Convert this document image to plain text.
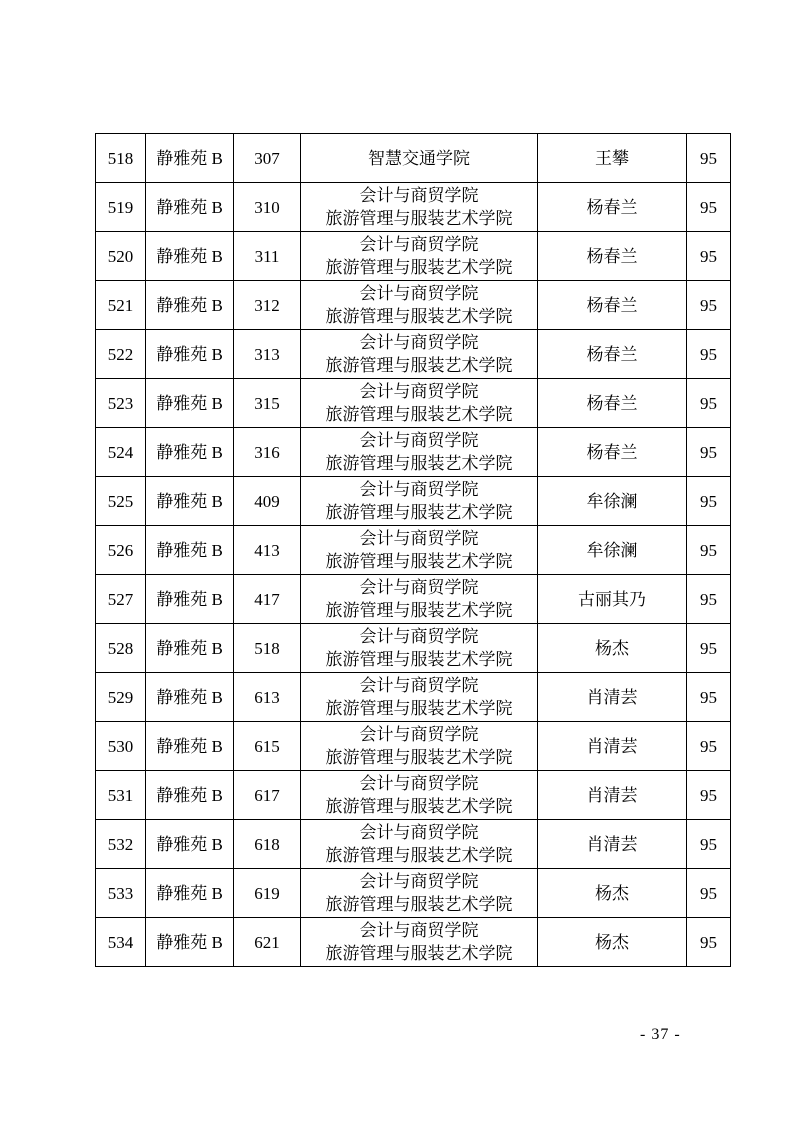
518	静雅苑 B	307	智慧交通学院	王攀	95
519	静雅苑 B	310	会计与商贸学院
旅游管理与服装艺术学院	杨春兰	95
520	静雅苑 B	311	会计与商贸学院
旅游管理与服装艺术学院	杨春兰	95
521	静雅苑 B	312	会计与商贸学院
旅游管理与服装艺术学院	杨春兰	95
522	静雅苑 B	313	会计与商贸学院
旅游管理与服装艺术学院	杨春兰	95
523	静雅苑 B	315	会计与商贸学院
旅游管理与服装艺术学院	杨春兰	95
524	静雅苑 B	316	会计与商贸学院
旅游管理与服装艺术学院	杨春兰	95
525	静雅苑 B	409	会计与商贸学院
旅游管理与服装艺术学院	牟徐澜	95
526	静雅苑 B	413	会计与商贸学院
旅游管理与服装艺术学院	牟徐澜	95
527	静雅苑 B	417	会计与商贸学院
旅游管理与服装艺术学院	古丽其乃	95
528	静雅苑 B	518	会计与商贸学院
旅游管理与服装艺术学院	杨杰	95
529	静雅苑 B	613	会计与商贸学院
旅游管理与服装艺术学院	肖清芸	95
530	静雅苑 B	615	会计与商贸学院
旅游管理与服装艺术学院	肖清芸	95
531	静雅苑 B	617	会计与商贸学院
旅游管理与服装艺术学院	肖清芸	95
532	静雅苑 B	618	会计与商贸学院
旅游管理与服装艺术学院	肖清芸	95
533	静雅苑 B	619	会计与商贸学院
旅游管理与服装艺术学院	杨杰	95
534	静雅苑 B	621	会计与商贸学院
旅游管理与服装艺术学院	杨杰	95
- 37 -
